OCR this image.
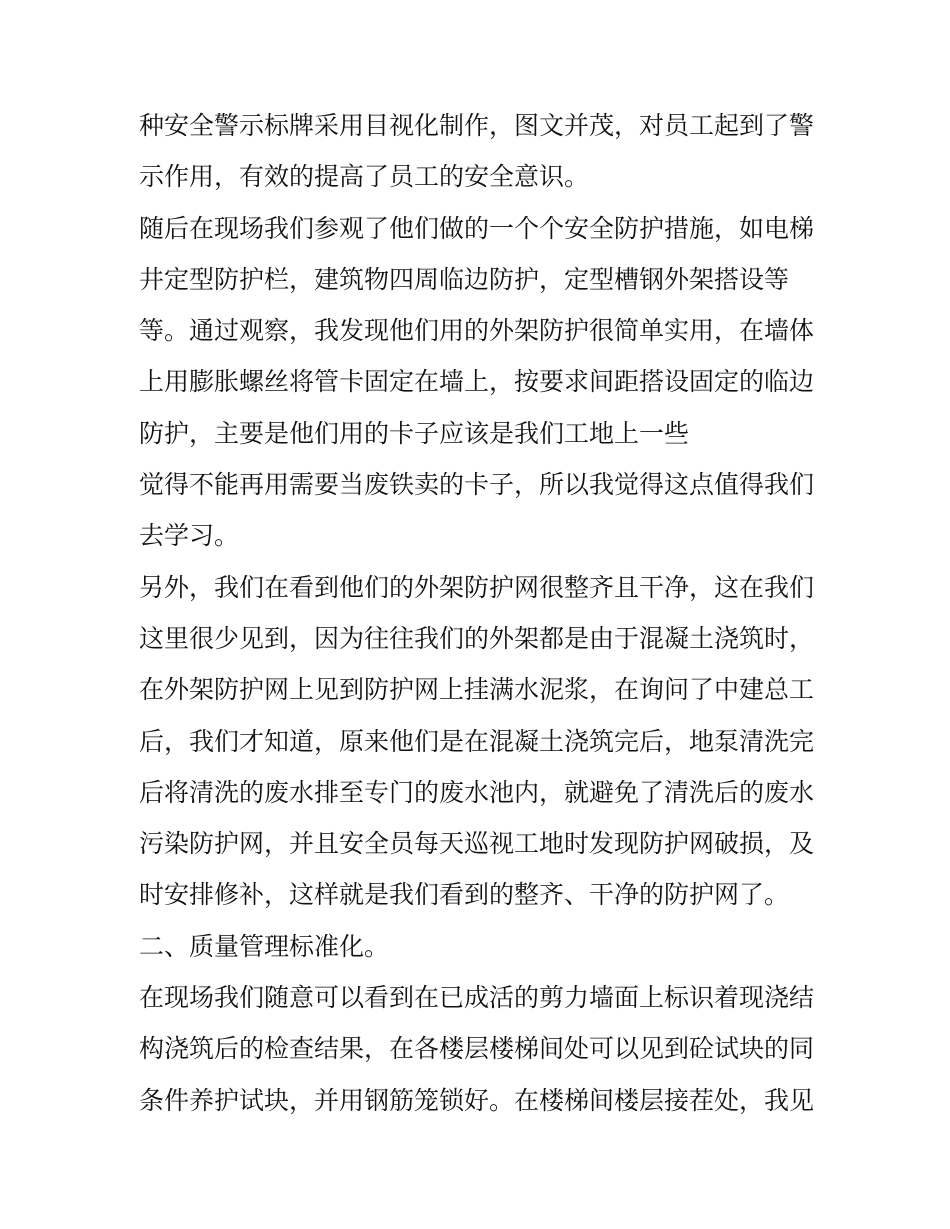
种安全警示标牌采用目视化制作，图文并茂，对员工起到了警
示作用，有效的提高了员工的安全意识。
随后在现场我们参观了他们做的一个个安全防护措施，如电梯
井定型防护栏，建筑物四周临边防护，定型槽钢外架搭设等
等。通过观察，我发现他们用的外架防护很简单实用，在墙体
上用膨胀螺丝将管卡固定在墙上，按要求间距搭设固定的临边
防护，主要是他们用的卡子应该是我们工地上一些
觉得不能再用需要当废铁卖的卡子，所以我觉得这点值得我们
去学习。
另外，我们在看到他们的外架防护网很整齐且干净，这在我们
这里很少见到，因为往往我们的外架都是由于混凝土浇筑时，
在外架防护网上见到防护网上挂满水泥浆，在询问了中建总工
后，我们才知道，原来他们是在混凝土浇筑完后，地泵清洗完
后将清洗的废水排至专门的废水池内，就避免了清洗后的废水
污染防护网，并且安全员每天巡视工地时发现防护网破损，及
时安排修补，这样就是我们看到的整齐、干净的防护网了。
二、质量管理标准化。
在现场我们随意可以看到在已成活的剪力墙面上标识着现浇结
构浇筑后的检查结果，在各楼层楼梯间处可以见到砼试块的同
条件养护试块，并用钢筋笼锁好。在楼梯间楼层接茬处，我见
